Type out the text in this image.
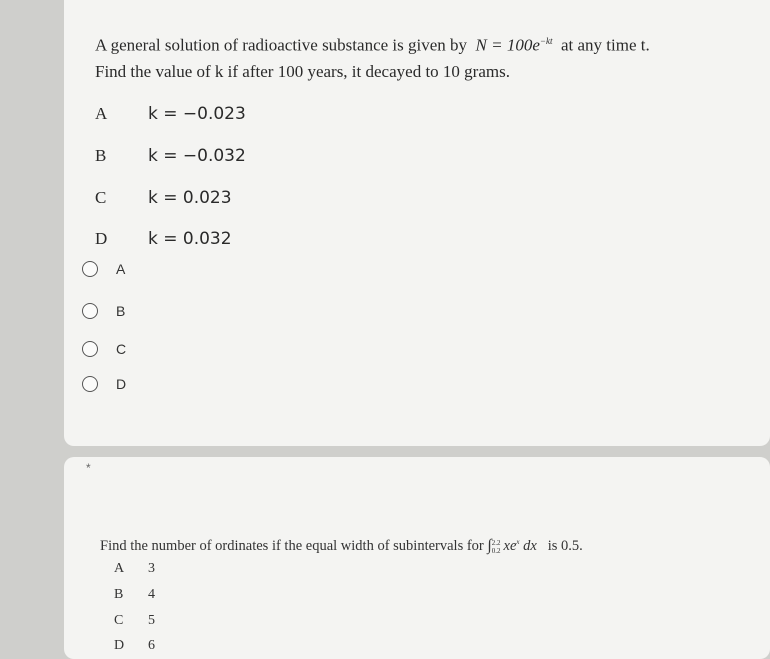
A general solution of radioactive substance is given by $N = 100e^{-kt}$ at any time t.
Find the value of k if after 100 years, it decayed to 10 grams.
A k = −0.023
B k = −0.032
C k = 0.023
D k = 0.032
A
B
C
D
*
Find the number of ordinates if the equal width of subintervals for ∫ 2.2
0.2 $xe^x$ dx is 0.5.
A 3
B 4
C 5
D 6
